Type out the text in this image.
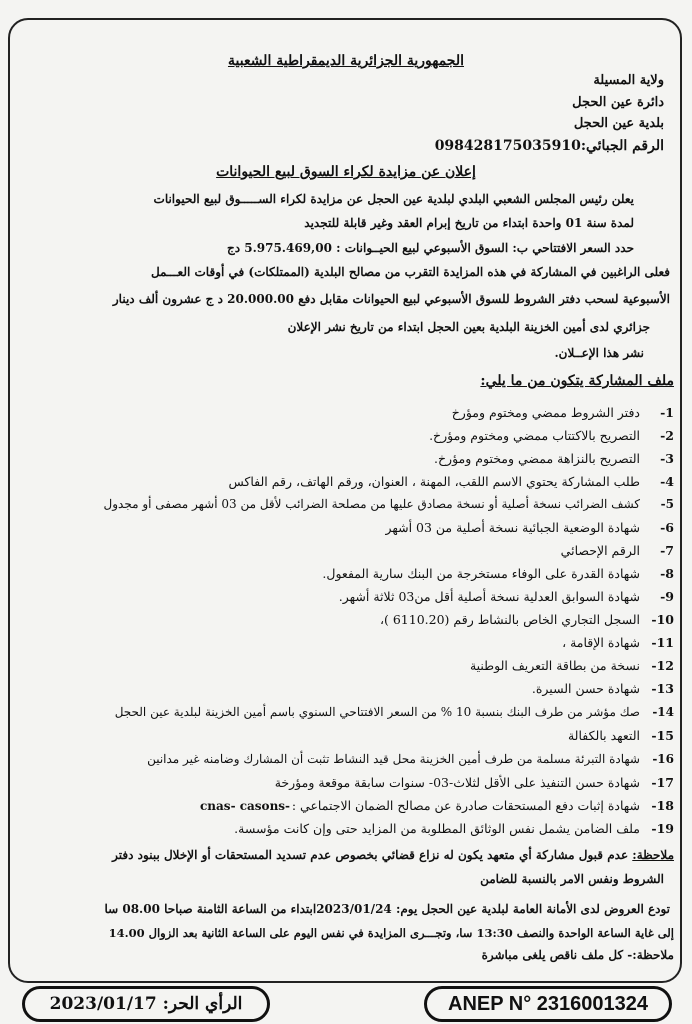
الجمهورية الجزائرية الديمقراطية الشعبية
ولاية المسيلة
دائرة عين الحجل
بلدية عين الحجل
الرقم الجبائي:098428175035910
إعلان عن مزايدة لكراء السوق لبيع الحيوانات
يعلن رئيس المجلس الشعبي البلدي لبلدية عين الحجل عن مزايدة لكراء الســـــوق لبيع الحيوانات
لمدة سنة 01 واحدة ابتداء من تاريخ إبرام العقد وغير قابلة للتجديد
حدد السعر الافتتاحي ب: السوق الأسبوعي لبيع الحيــوانات : 5.975.469,00 دج
فعلى الراغبين في المشاركة في هذه المزايدة التقرب من مصالح البلدية (الممتلكات) في أوقات العـــمل
الأسبوعية لسحب دفتر الشروط للسوق الأسبوعي لبيع الحيوانات مقابل دفع 20.000.00 د ج عشرون ألف دينار
جزائري لدى أمين الخزينة البلدية بعين الحجل ابتداء من تاريخ نشر الإعلان
نشر هذا الإعــلان.
ملف المشاركة يتكون من ما يلي:
1-دفتر الشروط ممضي ومختوم ومؤرخ
2-التصريح بالاكتتاب ممضي ومختوم ومؤرخ.
3-التصريح بالنزاهة ممضي ومختوم ومؤرخ.
4-طلب المشاركة يحتوي الاسم اللقب، المهنة ، العنوان، ورقم الهاتف، رقم الفاكس
5-كشف الضرائب نسخة أصلية أو نسخة مصادق عليها من مصلحة الضرائب لأقل من 03 أشهر مصفى أو مجدول
6-شهادة الوضعية الجبائية نسخة أصلية من 03 أشهر
7-الرقم الإحصائي
8-شهادة القدرة على الوفاء مستخرجة من البنك سارية المفعول.
9-شهادة السوابق العدلية نسخة أصلية أقل من03 ثلاثة أشهر.
10-السجل التجاري الخاص بالنشاط رقم (6110.20 )،
11-شهادة الإقامة ،
12-نسخة من بطاقة التعريف الوطنية
13-شهادة حسن السيرة.
14-صك مؤشر من طرف البنك بنسبة 10 % من السعر الافتتاحي السنوي باسم أمين الخزينة لبلدية عين الحجل
15-التعهد بالكفالة
16-شهادة التبرئة مسلمة من طرف أمين الخزينة محل قيد النشاط تثبت أن المشارك وضامنه غير مدانين
17-شهادة حسن التنفيذ على الأقل لثلاث-03- سنوات سابقة موقعة ومؤرخة
18-شهادة إثبات دفع المستحقات صادرة عن مصالح الضمان الاجتماعي :
19-ملف الضامن يشمل نفس الوثائق المطلوبة من المزايد حتى وإن كانت مؤسسة.
cnas- casons-
ملاحظة: عدم قبول مشاركة أي متعهد يكون له نزاع قضائي بخصوص عدم تسديد المستحقات أو الإخلال ببنود دفتر
الشروط ونفس الامر بالنسبة للضامن
تودع العروض لدى الأمانة العامة لبلدية عين الحجل يوم: 2023/01/24ابتداء من الساعة الثامنة صباحا 08.00 سا
إلى غاية الساعة الواحدة والنصف 13:30 سا، وتجـــرى المزايدة في نفس اليوم على الساعة الثانية بعد الزوال 14.00
ملاحظة:- كل ملف ناقص يلغى مباشرة
ANEP N° 2316001324
الرأي الحر: 2023/01/17
